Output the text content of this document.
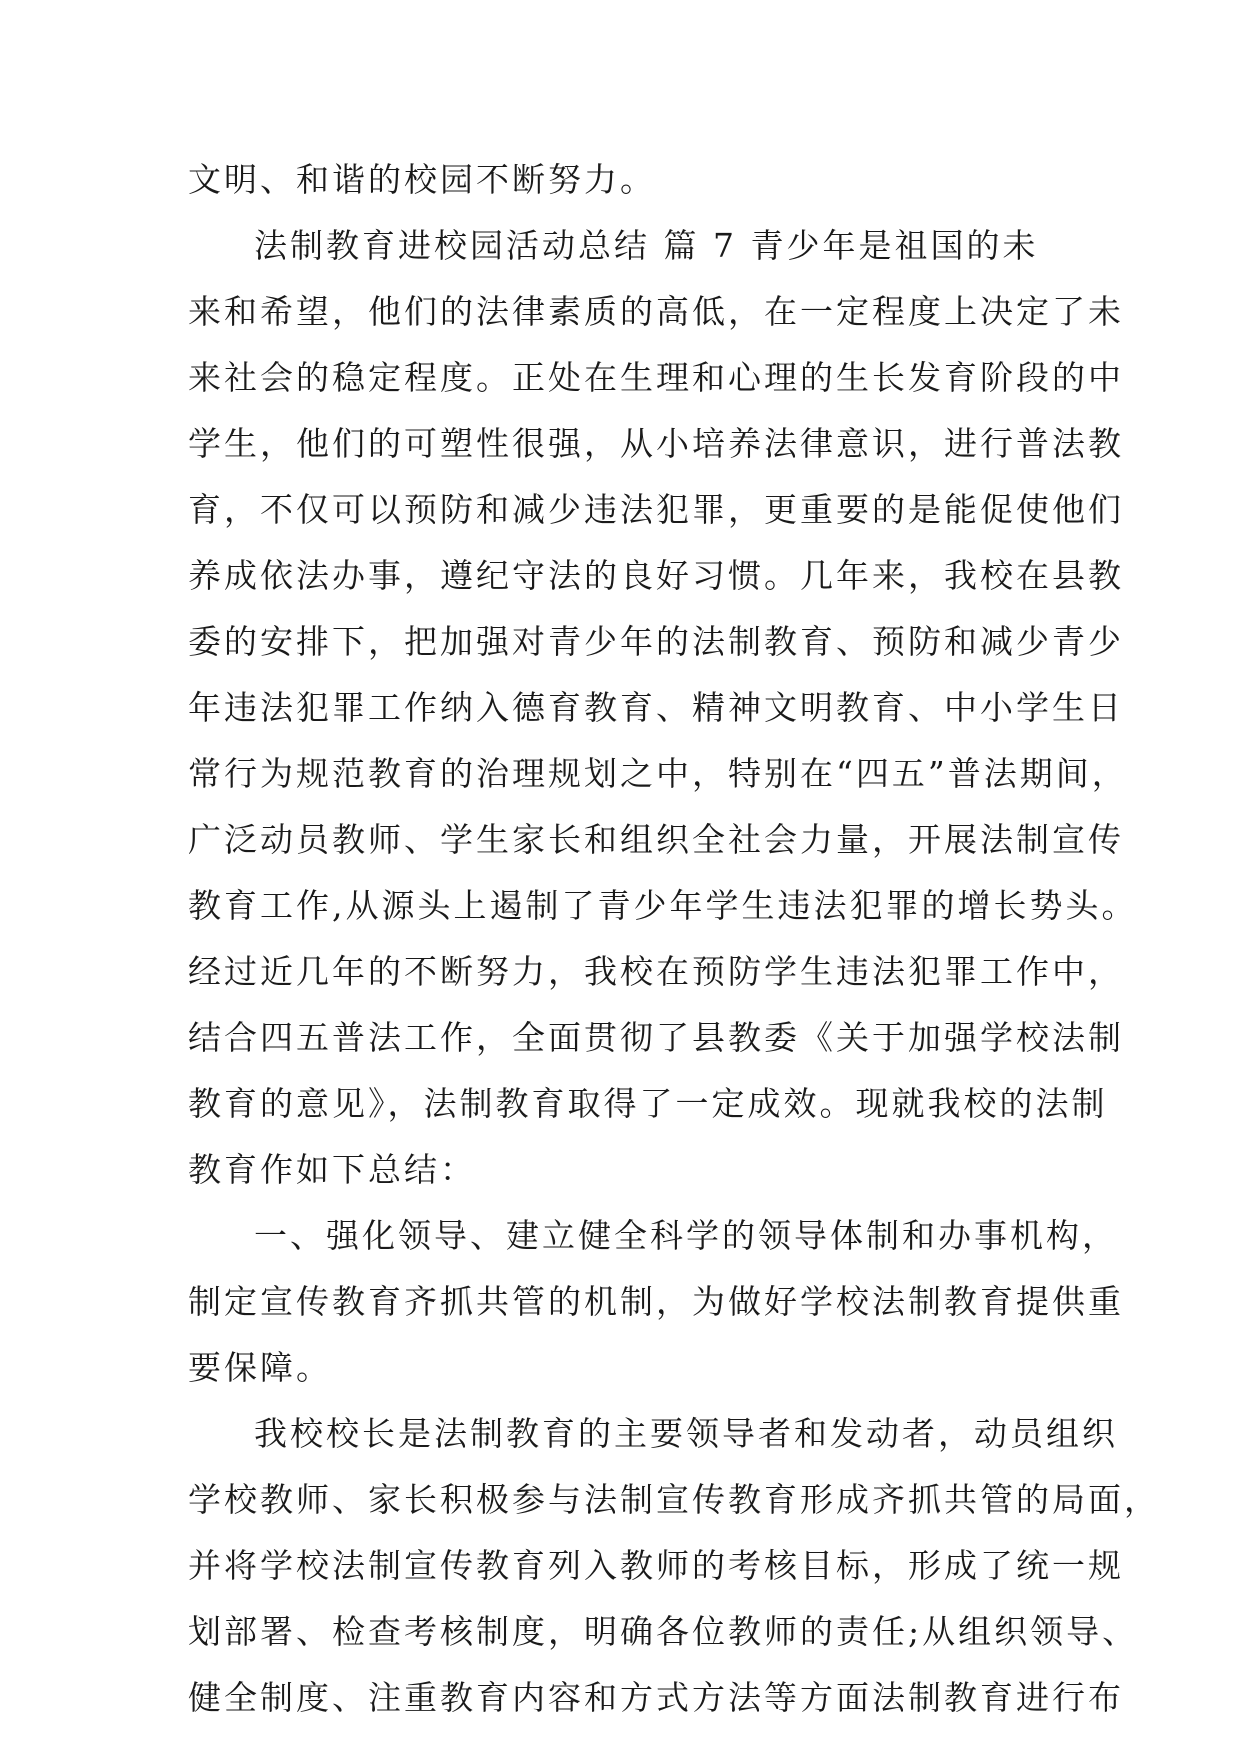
文明、和谐的校园不断努力。
法制教育进校园活动总结 篇 7 青少年是祖国的未
来和希望，他们的法律素质的高低，在一定程度上决定了未
来社会的稳定程度。正处在生理和心理的生长发育阶段的中
学生，他们的可塑性很强，从小培养法律意识，进行普法教
育，不仅可以预防和减少违法犯罪，更重要的是能促使他们
养成依法办事，遵纪守法的良好习惯。几年来，我校在县教
委的安排下，把加强对青少年的法制教育、预防和减少青少
年违法犯罪工作纳入德育教育、精神文明教育、中小学生日
常行为规范教育的治理规划之中，特别在“四五”普法期间，
广泛动员教师、学生家长和组织全社会力量，开展法制宣传
教育工作,从源头上遏制了青少年学生违法犯罪的增长势头。
经过近几年的不断努力，我校在预防学生违法犯罪工作中，
结合四五普法工作，全面贯彻了县教委《关于加强学校法制
教育的意见》，法制教育取得了一定成效。现就我校的法制
教育作如下总结：
一、强化领导、建立健全科学的领导体制和办事机构，
制定宣传教育齐抓共管的机制，为做好学校法制教育提供重
要保障。
我校校长是法制教育的主要领导者和发动者，动员组织
学校教师、家长积极参与法制宣传教育形成齐抓共管的局面，
并将学校法制宣传教育列入教师的考核目标，形成了统一规
划部署、检查考核制度，明确各位教师的责任;从组织领导、
健全制度、注重教育内容和方式方法等方面法制教育进行布
